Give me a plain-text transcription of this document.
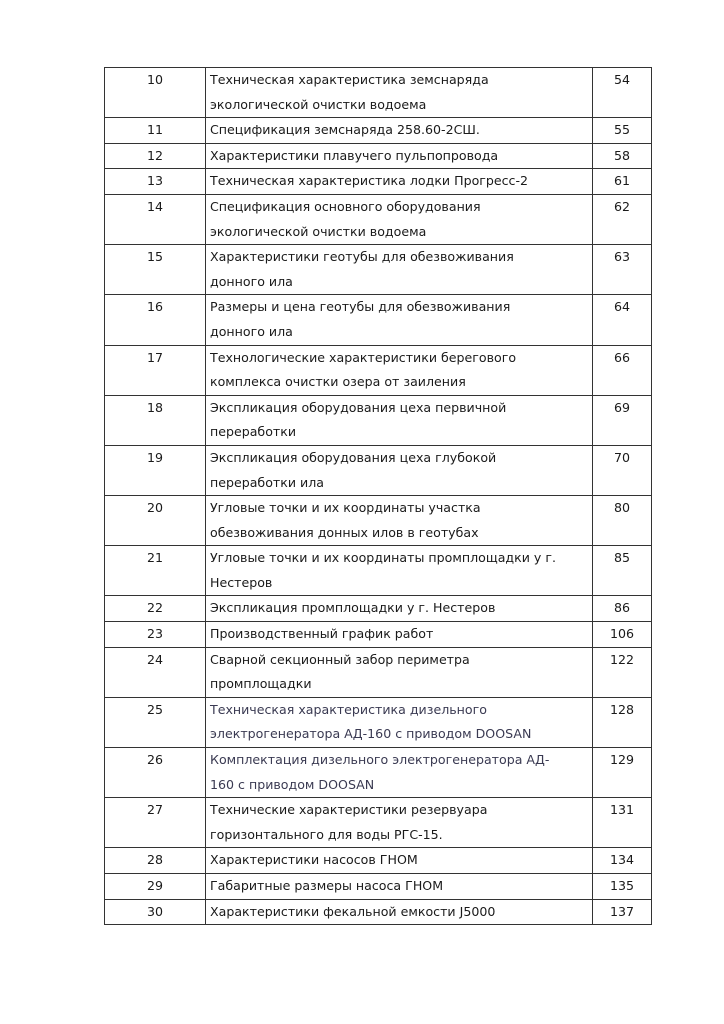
10	Техническая характеристика земснаряда
экологической очистки водоема	54
11	Спецификация земснаряда 258.60-2СШ.	55
12	Характеристики плавучего пульпопровода	58
13	Техническая характеристика лодки Прогресс-2	61
14	Спецификация основного оборудования
экологической очистки водоема	62
15	Характеристики геотубы для обезвоживания
донного ила	63
16	Размеры и цена геотубы для обезвоживания
донного ила	64
17	Технологические характеристики берегового
комплекса очистки озера от заиления	66
18	Экспликация оборудования цеха первичной
переработки	69
19	Экспликация оборудования цеха глубокой
переработки ила	70
20	Угловые точки и их координаты участка
обезвоживания донных илов в геотубах	80
21	Угловые точки и их координаты промплощадки у г.
Нестеров	85
22	Экспликация промплощадки у г. Нестеров	86
23	Производственный график работ	106
24	Сварной секционный забор периметра
промплощадки	122
25	Техническая характеристика дизельного
электрогенератора АД-160 с приводом DOOSAN	128
26	Комплектация дизельного электрогенератора АД-
160 с приводом DOOSAN	129
27	Технические характеристики резервуара
горизонтального для воды РГС-15.	131
28	Характеристики насосов ГНОМ	134
29	Габаритные размеры насоса ГНОМ	135
30	Характеристики фекальной емкости J5000	137
